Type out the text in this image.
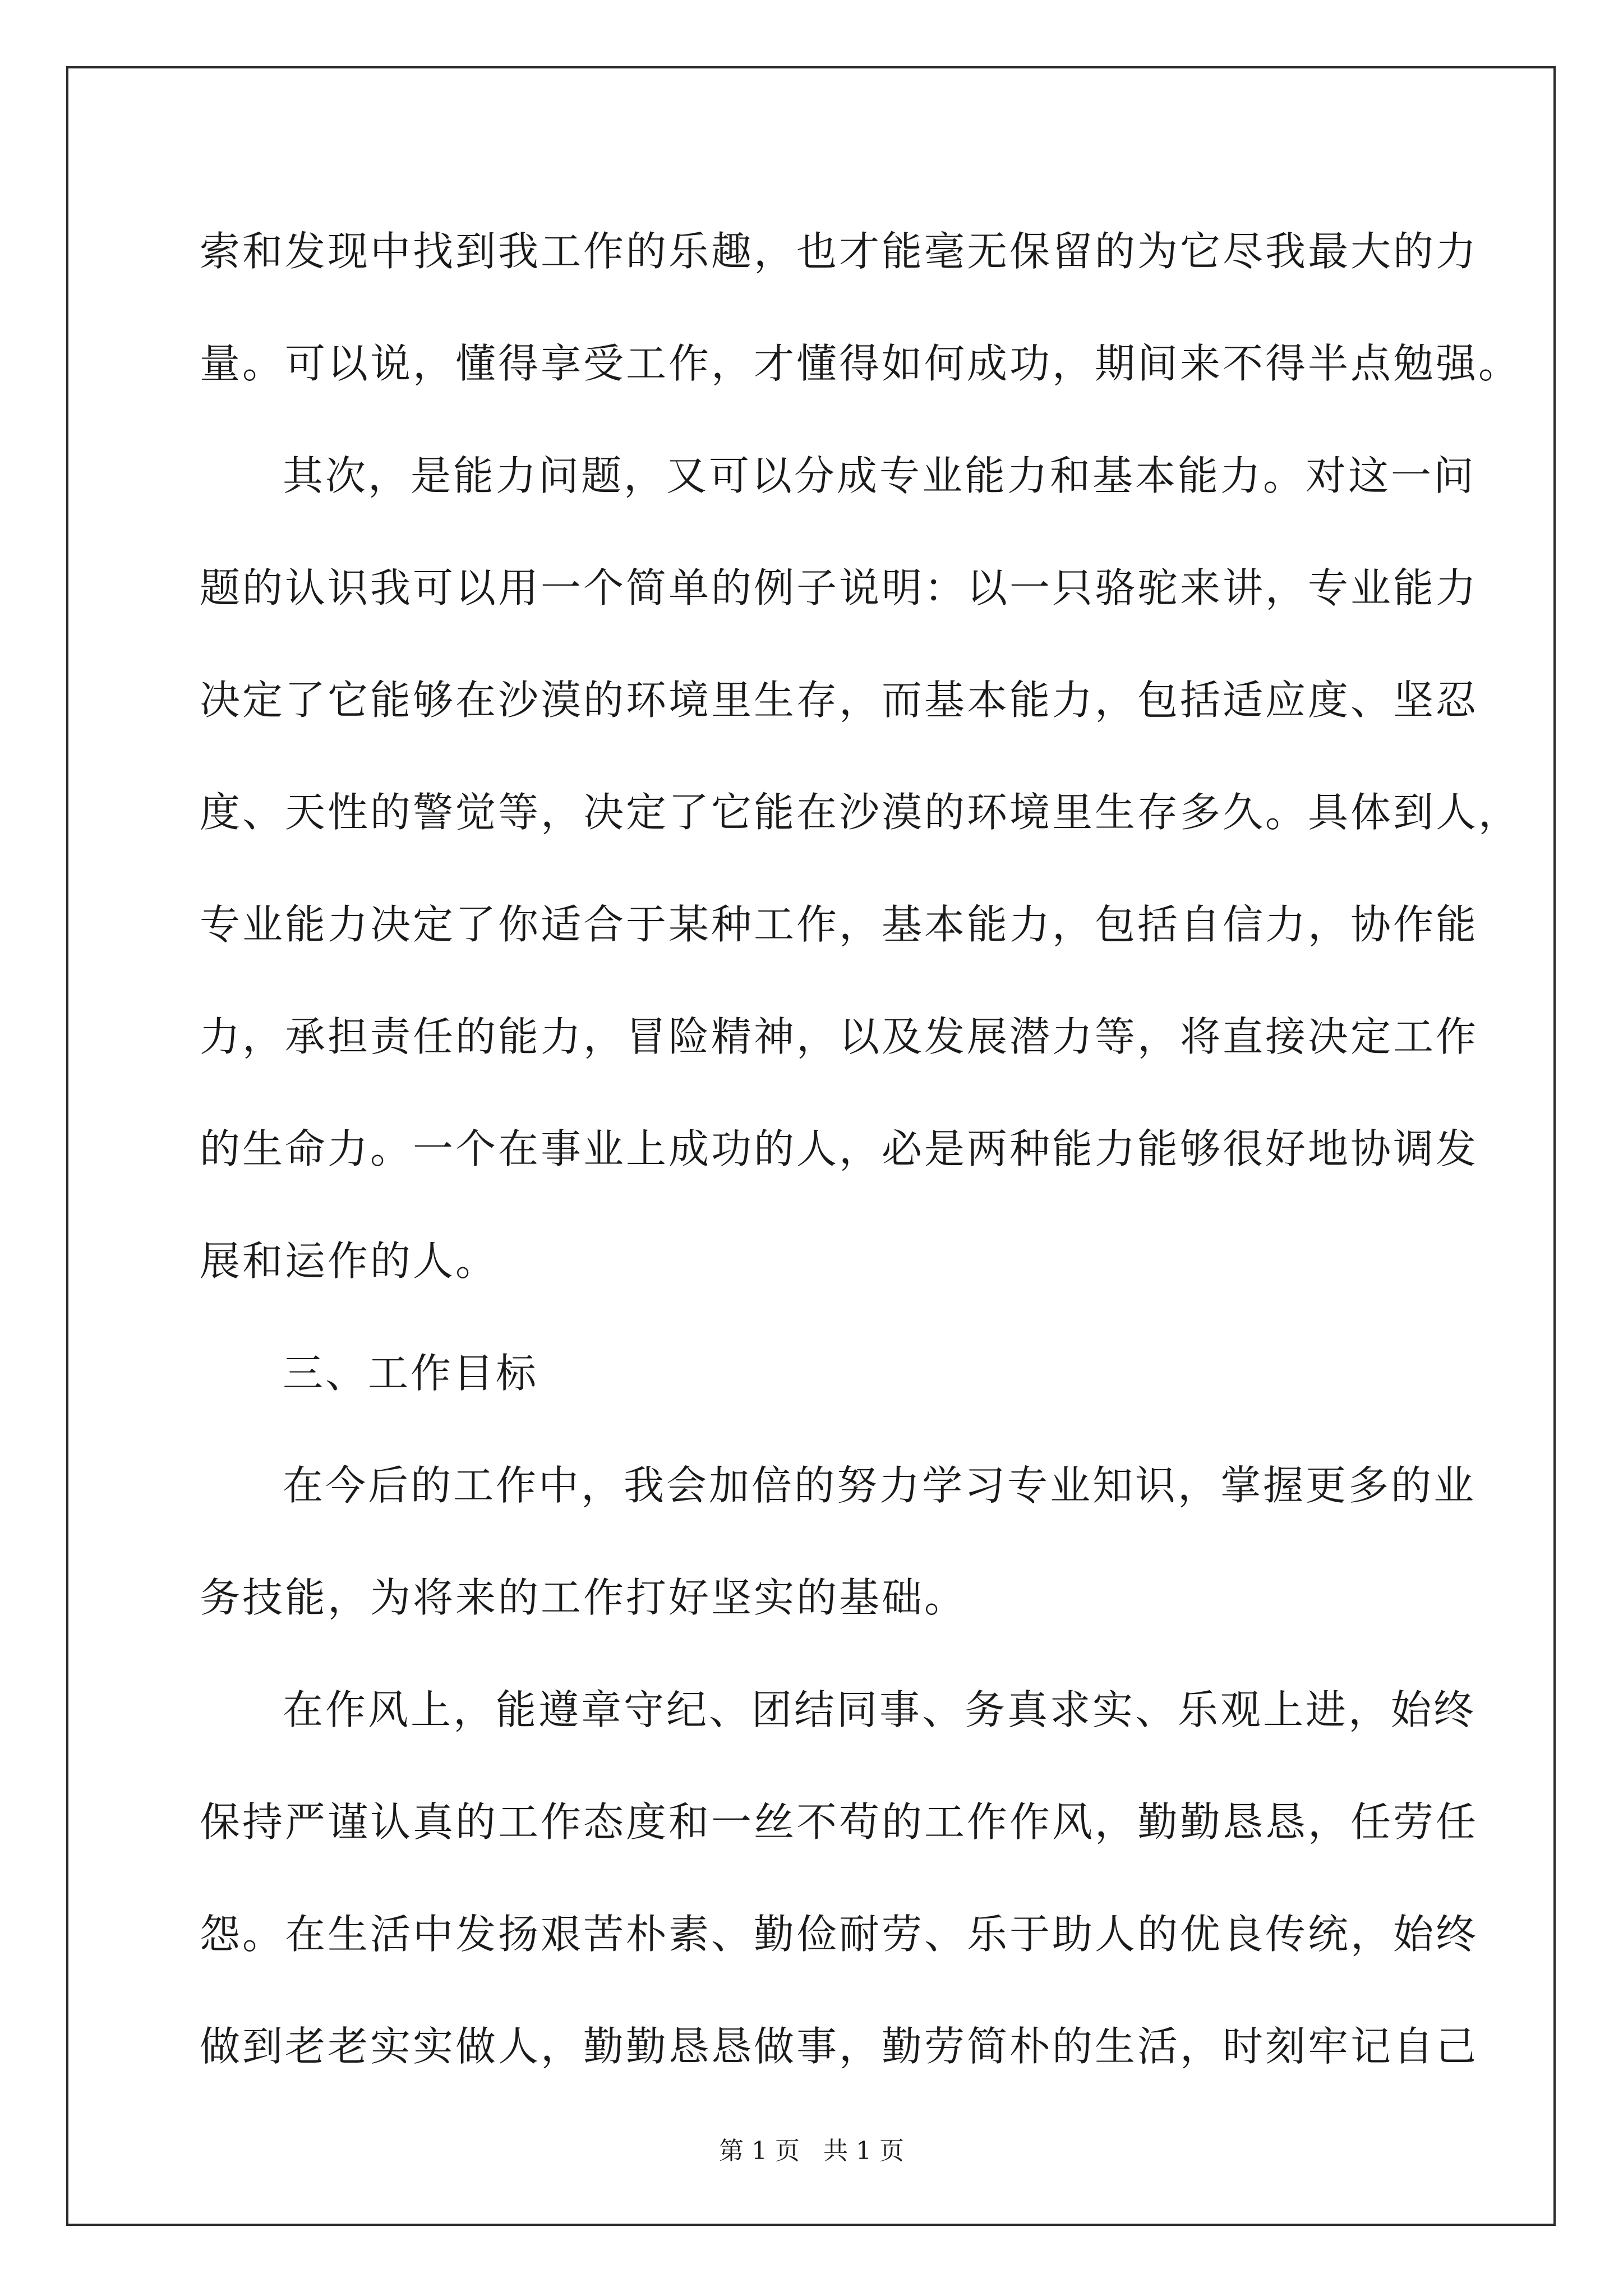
索和发现中找到我工作的乐趣，也才能毫无保留的为它尽我最大的力
量。可以说，懂得享受工作，才懂得如何成功，期间来不得半点勉强。
其次，是能力问题，又可以分成专业能力和基本能力。对这一问
题的认识我可以用一个简单的例子说明：以一只骆驼来讲，专业能力
决定了它能够在沙漠的环境里生存，而基本能力，包括适应度、坚忍
度、天性的警觉等，决定了它能在沙漠的环境里生存多久。具体到人，
专业能力决定了你适合于某种工作，基本能力，包括自信力，协作能
力，承担责任的能力，冒险精神，以及发展潜力等，将直接决定工作
的生命力。一个在事业上成功的人，必是两种能力能够很好地协调发
展和运作的人。
三、工作目标
在今后的工作中，我会加倍的努力学习专业知识，掌握更多的业
务技能，为将来的工作打好坚实的基础。
在作风上，能遵章守纪、团结同事、务真求实、乐观上进，始终
保持严谨认真的工作态度和一丝不苟的工作作风，勤勤恳恳，任劳任
怨。在生活中发扬艰苦朴素、勤俭耐劳、乐于助人的优良传统，始终
做到老老实实做人，勤勤恳恳做事，勤劳简朴的生活，时刻牢记自己
第 1 页   共 1 页
